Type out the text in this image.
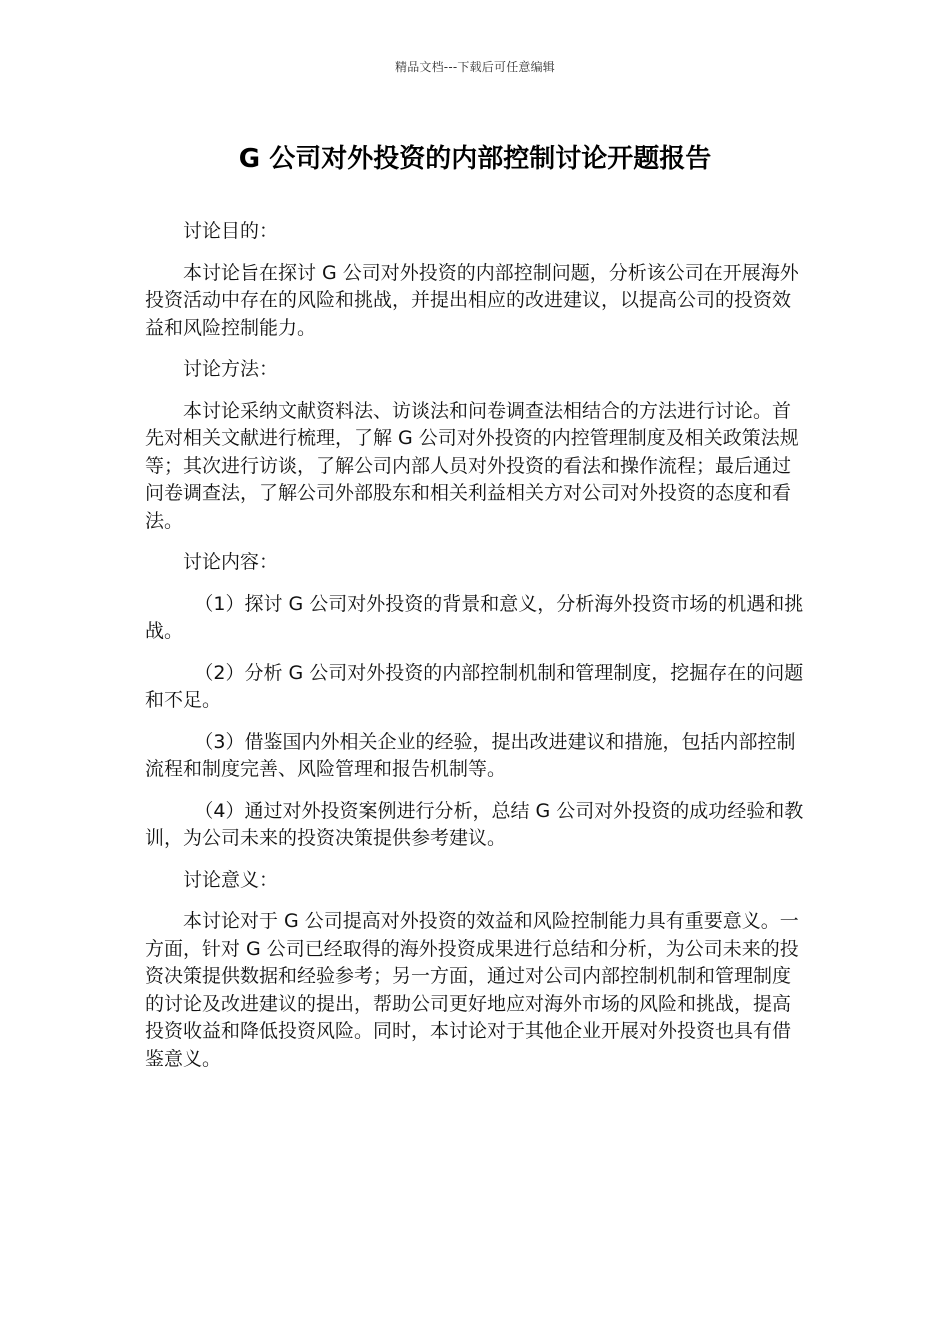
精品文档---下载后可任意编辑
G 公司对外投资的内部控制讨论开题报告

讨论目的：

本讨论旨在探讨 G 公司对外投资的内部控制问题，分析该公司在开展海外投资活动中存在的风险和挑战，并提出相应的改进建议，以提高公司的投资效益和风险控制能力。

讨论方法：

本讨论采纳文献资料法、访谈法和问卷调查法相结合的方法进行讨论。首先对相关文献进行梳理，了解 G 公司对外投资的内控管理制度及相关政策法规等；其次进行访谈，了解公司内部人员对外投资的看法和操作流程；最后通过问卷调查法，了解公司外部股东和相关利益相关方对公司对外投资的态度和看法。

讨论内容：

（1）探讨 G 公司对外投资的背景和意义，分析海外投资市场的机遇和挑战。

（2）分析 G 公司对外投资的内部控制机制和管理制度，挖掘存在的问题和不足。

（3）借鉴国内外相关企业的经验，提出改进建议和措施，包括内部控制流程和制度完善、风险管理和报告机制等。

（4）通过对外投资案例进行分析，总结 G 公司对外投资的成功经验和教训，为公司未来的投资决策提供参考建议。

讨论意义：

本讨论对于 G 公司提高对外投资的效益和风险控制能力具有重要意义。一方面，针对 G 公司已经取得的海外投资成果进行总结和分析，为公司未来的投资决策提供数据和经验参考；另一方面，通过对公司内部控制机制和管理制度的讨论及改进建议的提出，帮助公司更好地应对海外市场的风险和挑战，提高投资收益和降低投资风险。同时，本讨论对于其他企业开展对外投资也具有借鉴意义。
